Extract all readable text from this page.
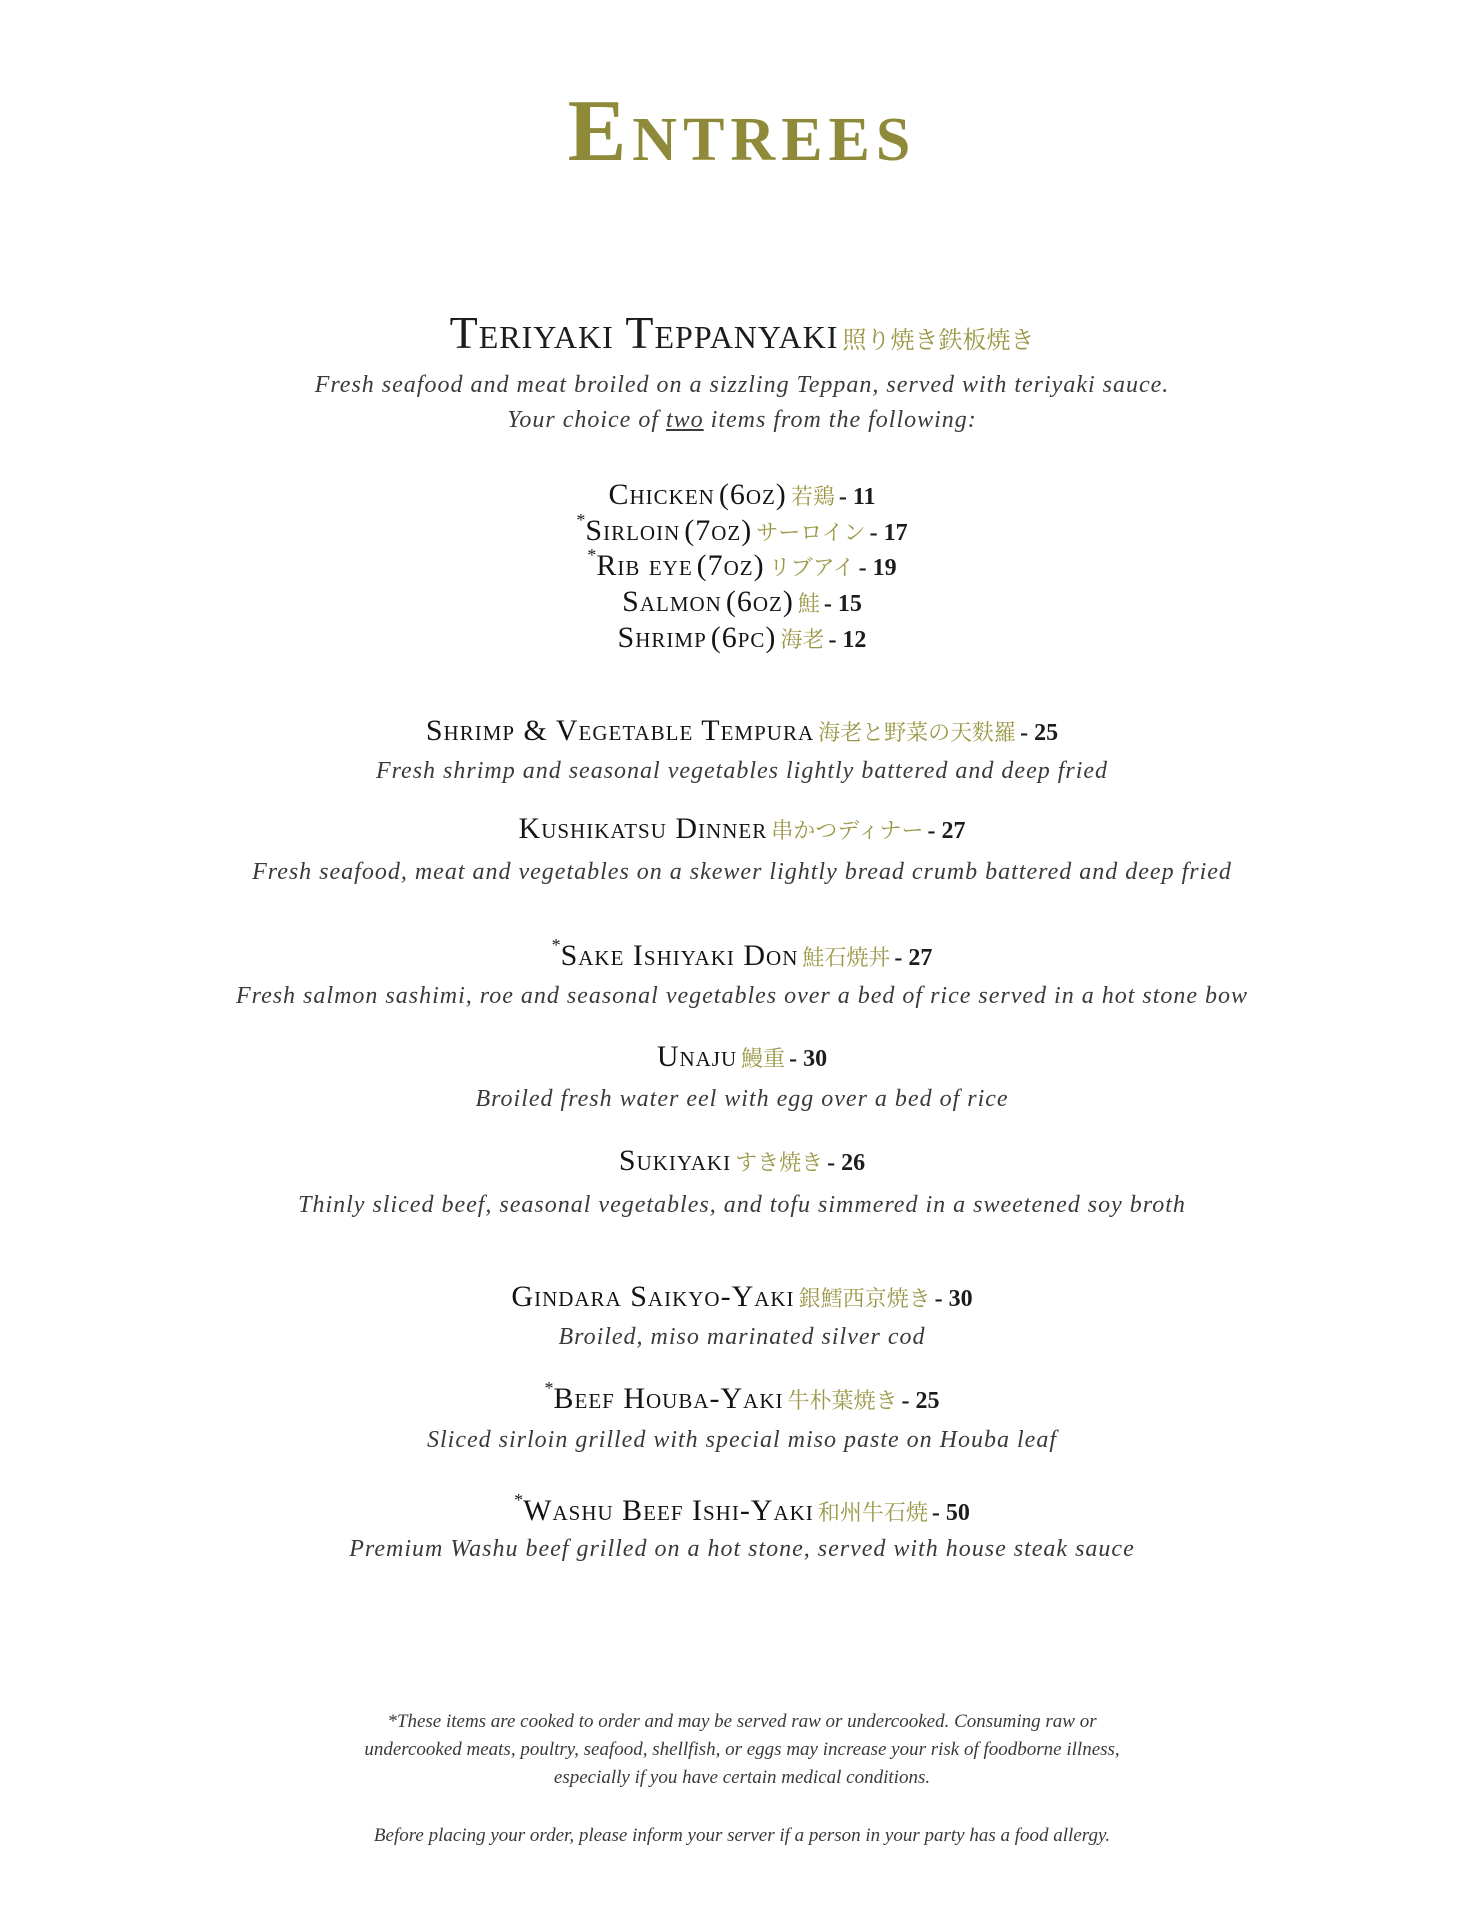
Entrees
Teriyaki Teppanyaki 照り焼き鉄板焼き
Fresh seafood and meat broiled on a sizzling Teppan, served with teriyaki sauce.
Your choice of two items from the following:
Chicken (6oz) 若鶏 - 11
*Sirloin (7oz) サーロイン - 17
*Rib eye (7oz) リブアイ - 19
Salmon (6oz) 鮭 - 15
Shrimp (6pc) 海老 - 12
Shrimp & Vegetable Tempura 海老と野菜の天麩羅 - 25
Fresh shrimp and seasonal vegetables lightly battered and deep fried
Kushikatsu Dinner 串かつディナー - 27
Fresh seafood, meat and vegetables on a skewer lightly bread crumb battered and deep fried
*Sake Ishiyaki Don 鮭石焼丼 - 27
Fresh salmon sashimi, roe and seasonal vegetables over a bed of rice served in a hot stone bow
Unaju 鰻重 - 30
Broiled fresh water eel with egg over a bed of rice
Sukiyaki すき焼き - 26
Thinly sliced beef, seasonal vegetables, and tofu simmered in a sweetened soy broth
Gindara Saikyo-Yaki 銀鱈西京焼き - 30
Broiled, miso marinated silver cod
*Beef Houba-Yaki 牛朴葉焼き - 25
Sliced sirloin grilled with special miso paste on Houba leaf
*Washu Beef Ishi-Yaki 和州牛石焼 - 50
Premium Washu beef grilled on a hot stone, served with house steak sauce
*These items are cooked to order and may be served raw or undercooked. Consuming raw or
undercooked meats, poultry, seafood, shellfish, or eggs may increase your risk of foodborne illness,
especially if you have certain medical conditions.
Before placing your order, please inform your server if a person in your party has a food allergy.
